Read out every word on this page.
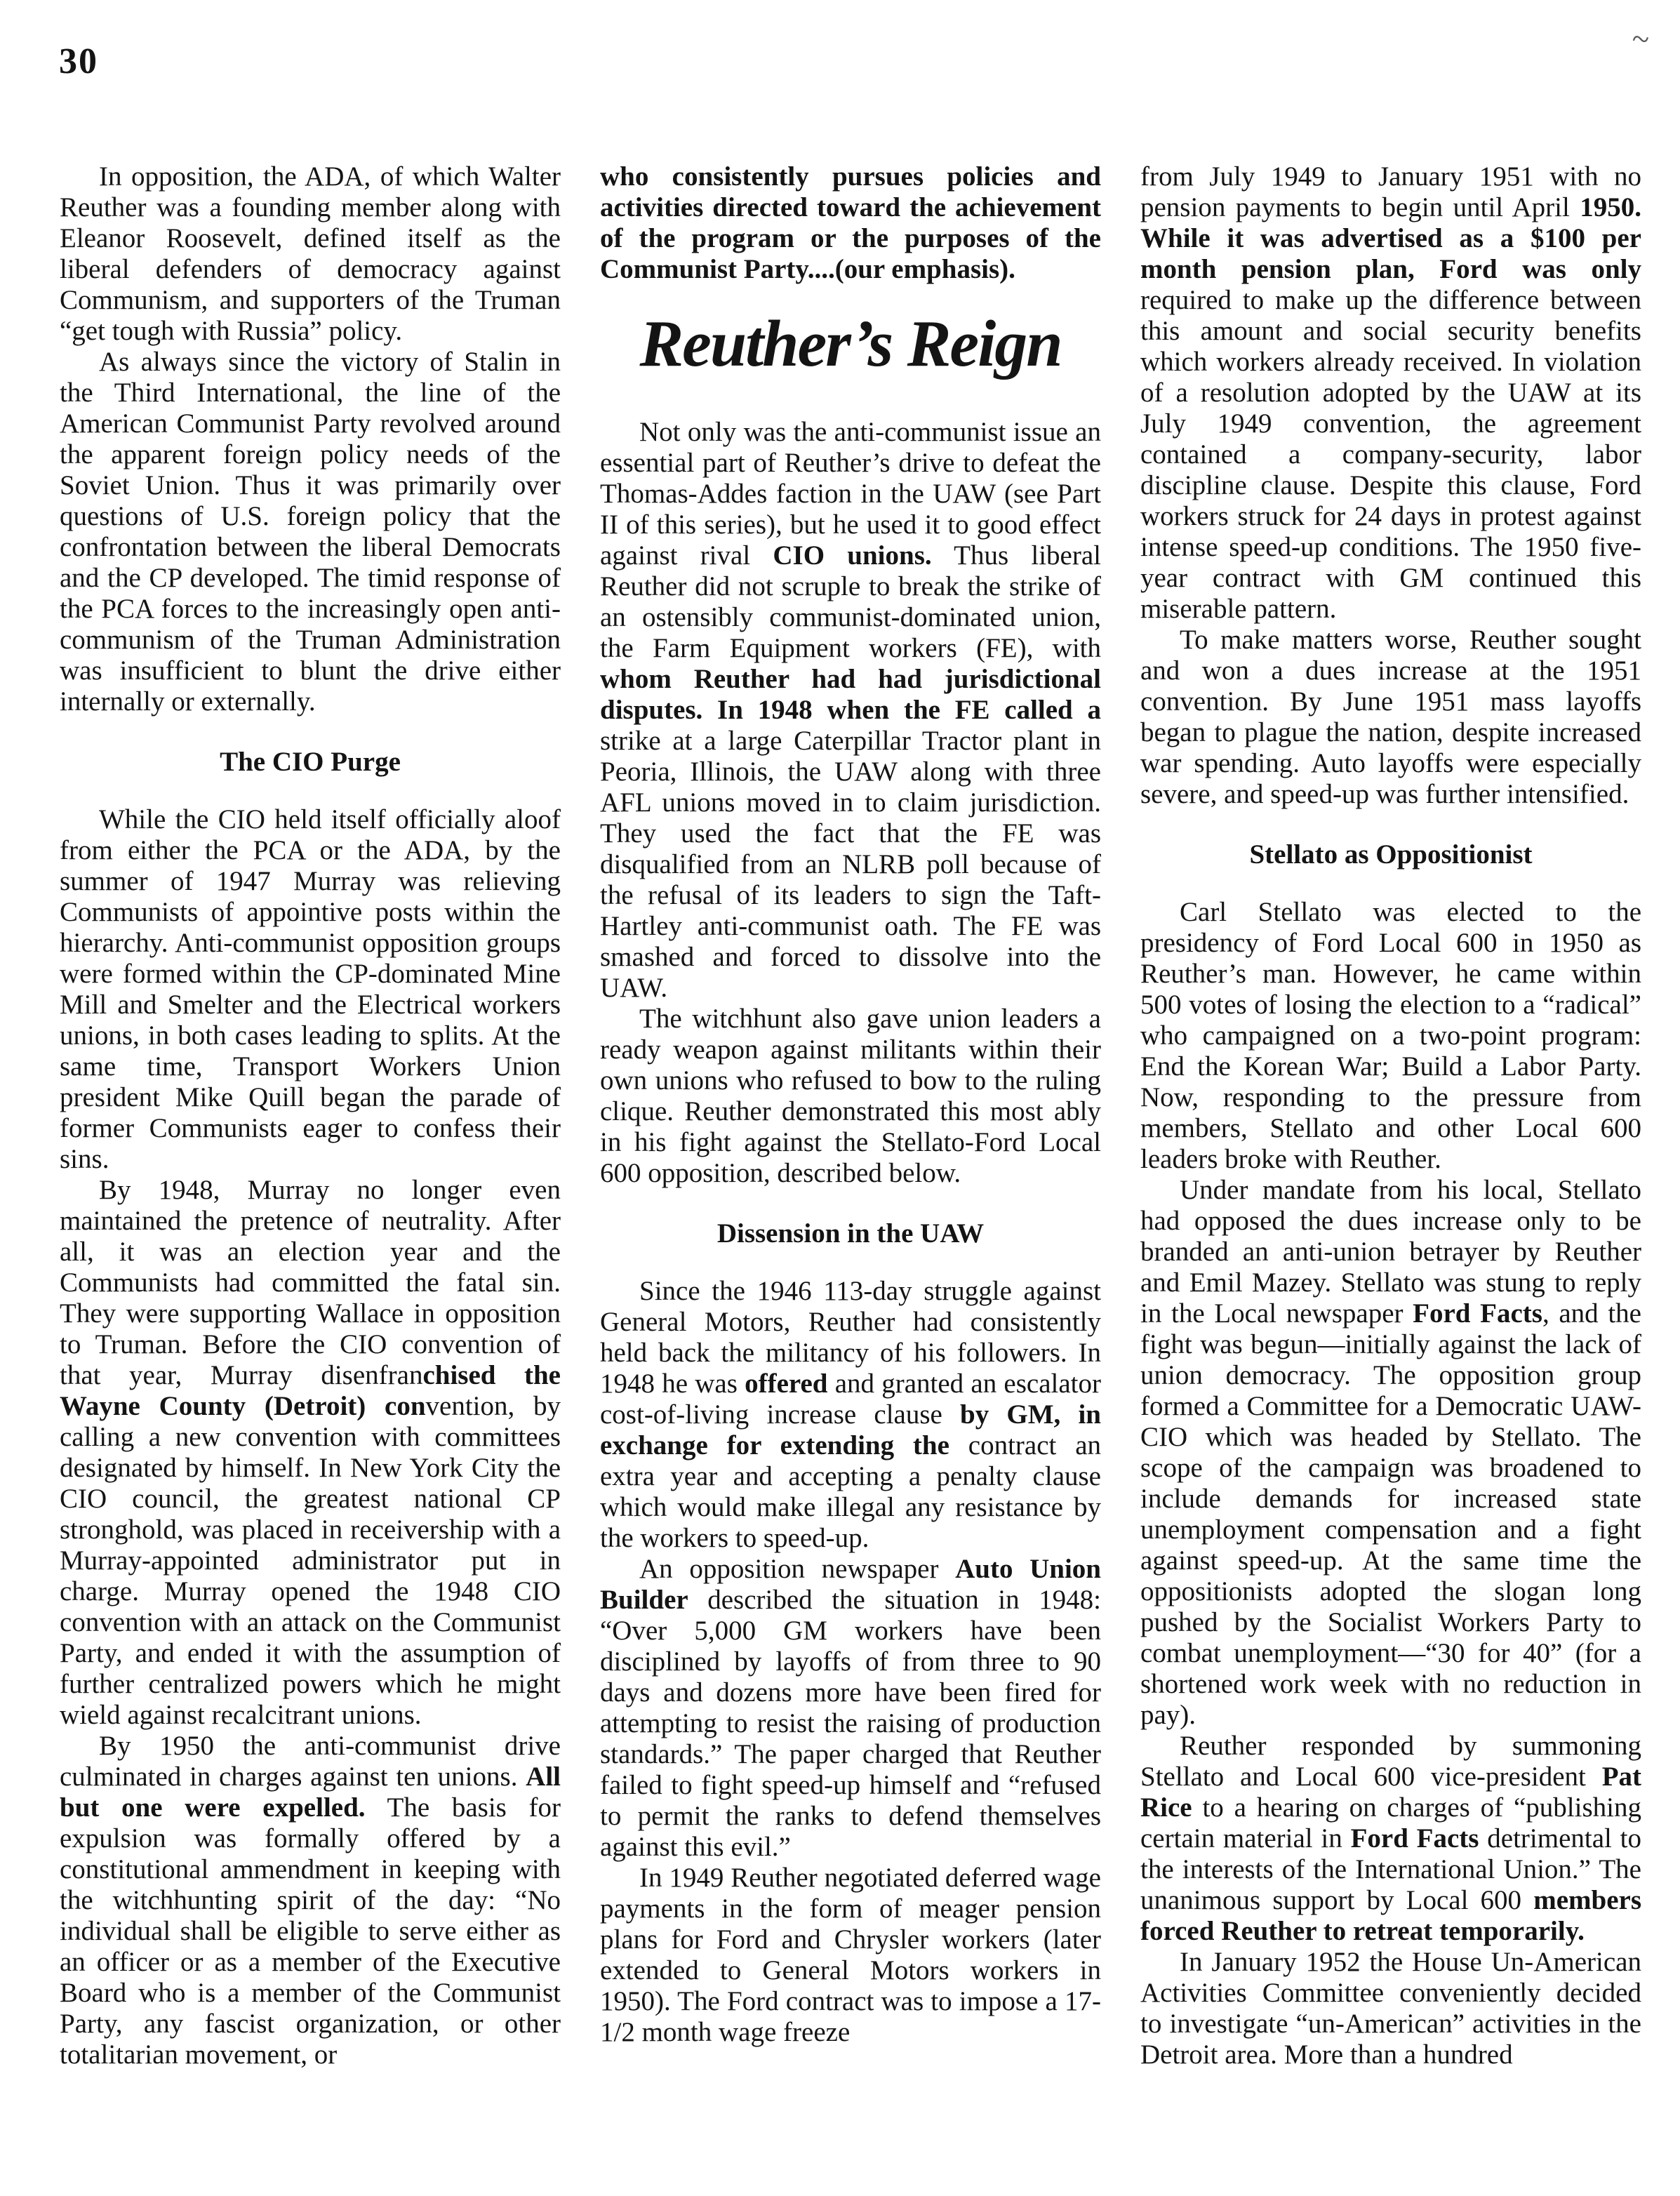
30
~

In opposition, the ADA, of which Walter Reuther was a founding member along with Eleanor Roosevelt, defined itself as the liberal defenders of democracy against Communism, and supporters of the Truman “get tough with Russia” policy.

As always since the victory of Stalin in the Third International, the line of the American Communist Party revolved around the apparent foreign policy needs of the Soviet Union. Thus it was primarily over questions of U.S. foreign policy that the confrontation between the liberal Democrats and the CP developed. The timid response of the PCA forces to the increasingly open anti-communism of the Truman Administration was insufficient to blunt the drive either internally or externally.

The CIO Purge

While the CIO held itself officially aloof from either the PCA or the ADA, by the summer of 1947 Murray was relieving Communists of appointive posts within the hierarchy. Anti-communist opposition groups were formed within the CP-dominated Mine Mill and Smelter and the Electrical workers unions, in both cases leading to splits. At the same time, Transport Workers Union president Mike Quill began the parade of former Communists eager to confess their sins.

By 1948, Murray no longer even maintained the pretence of neutrality. After all, it was an election year and the Communists had committed the fatal sin. They were supporting Wallace in opposition to Truman. Before the CIO convention of that year, Murray disenfranchised the Wayne County (Detroit) convention, by calling a new convention with committees designated by himself. In New York City the CIO council, the greatest national CP stronghold, was placed in receivership with a Murray-appointed administrator put in charge. Murray opened the 1948 CIO convention with an attack on the Communist Party, and ended it with the assumption of further centralized powers which he might wield against recalcitrant unions.

By 1950 the anti-communist drive culminated in charges against ten unions. All but one were expelled. The basis for expulsion was formally offered by a constitutional ammendment in keeping with the witchhunting spirit of the day: “No individual shall be eligible to serve either as an officer or as a member of the Executive Board who is a member of the Communist Party, any fascist organization, or other totalitarian movement, or

who consistently pursues policies and activities directed toward the achievement of the program or the purposes of the Communist Party....(our emphasis).

Reuther’s Reign

Not only was the anti-communist issue an essential part of Reuther’s drive to defeat the Thomas-Addes faction in the UAW (see Part II of this series), but he used it to good effect against rival CIO unions. Thus liberal Reuther did not scruple to break the strike of an ostensibly communist-dominated union, the Farm Equipment workers (FE), with whom Reuther had had jurisdictional disputes. In 1948 when the FE called a strike at a large Caterpillar Tractor plant in Peoria, Illinois, the UAW along with three AFL unions moved in to claim jurisdiction. They used the fact that the FE was disqualified from an NLRB poll because of the refusal of its leaders to sign the Taft-Hartley anti-communist oath. The FE was smashed and forced to dissolve into the UAW.

The witchhunt also gave union leaders a ready weapon against militants within their own unions who refused to bow to the ruling clique. Reuther demonstrated this most ably in his fight against the Stellato-Ford Local 600 opposition, described below.

Dissension in the UAW

Since the 1946 113-day struggle against General Motors, Reuther had consistently held back the militancy of his followers. In 1948 he was offered and granted an escalator cost-of-living increase clause by GM, in exchange for extending the contract an extra year and accepting a penalty clause which would make illegal any resistance by the workers to speed-up.

An opposition newspaper Auto Union Builder described the situation in 1948: “Over 5,000 GM workers have been disciplined by layoffs of from three to 90 days and dozens more have been fired for attempting to resist the raising of production standards.” The paper charged that Reuther failed to fight speed-up himself and “refused to permit the ranks to defend themselves against this evil.”

In 1949 Reuther negotiated deferred wage payments in the form of meager pension plans for Ford and Chrysler workers (later extended to General Motors workers in 1950). The Ford contract was to impose a 17-1/2 month wage freeze

from July 1949 to January 1951 with no pension payments to begin until April 1950. While it was advertised as a $100 per month pension plan, Ford was only required to make up the difference between this amount and social security benefits which workers already received. In violation of a resolution adopted by the UAW at its July 1949 convention, the agreement contained a company-security, labor discipline clause. Despite this clause, Ford workers struck for 24 days in protest against intense speed-up conditions. The 1950 five-year contract with GM continued this miserable pattern.

To make matters worse, Reuther sought and won a dues increase at the 1951 convention. By June 1951 mass layoffs began to plague the nation, despite increased war spending. Auto layoffs were especially severe, and speed-up was further intensified.

Stellato as Oppositionist

Carl Stellato was elected to the presidency of Ford Local 600 in 1950 as Reuther’s man. However, he came within 500 votes of losing the election to a “radical” who campaigned on a two-point program: End the Korean War; Build a Labor Party. Now, responding to the pressure from members, Stellato and other Local 600 leaders broke with Reuther.

Under mandate from his local, Stellato had opposed the dues increase only to be branded an anti-union betrayer by Reuther and Emil Mazey. Stellato was stung to reply in the Local newspaper Ford Facts, and the fight was begun—initially against the lack of union democracy. The opposition group formed a Committee for a Democratic UAW-CIO which was headed by Stellato. The scope of the campaign was broadened to include demands for increased state unemployment compensation and a fight against speed-up. At the same time the oppositionists adopted the slogan long pushed by the Socialist Workers Party to combat unemployment—“30 for 40” (for a shortened work week with no reduction in pay).

Reuther responded by summoning Stellato and Local 600 vice-president Pat Rice to a hearing on charges of “publishing certain material in Ford Facts detrimental to the interests of the International Union.” The unanimous support by Local 600 members forced Reuther to retreat temporarily.

In January 1952 the House Un-American Activities Committee conveniently decided to investigate “un-American” activities in the Detroit area. More than a hundred
